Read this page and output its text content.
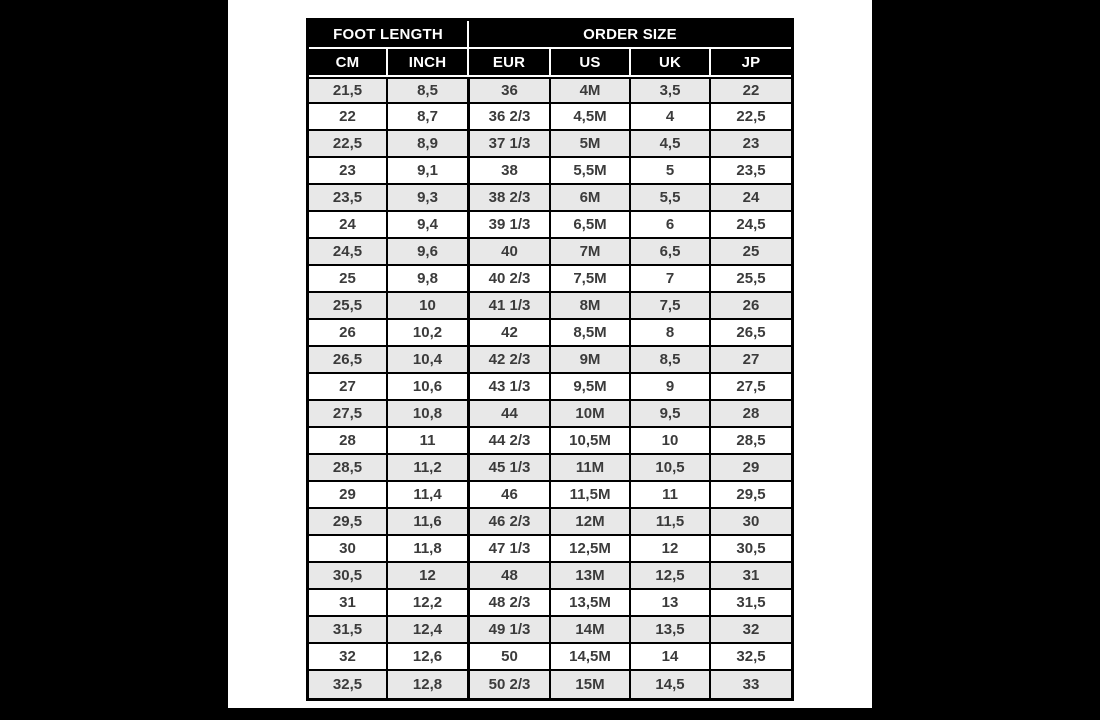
FOOT LENGTH		ORDER SIZE			
CM	INCH	EUR	US	UK	JP
21,5	8,5	36	4M	3,5	22
22	8,7	36 2/3	4,5M	4	22,5
22,5	8,9	37 1/3	5M	4,5	23
23	9,1	38	5,5M	5	23,5
23,5	9,3	38 2/3	6M	5,5	24
24	9,4	39 1/3	6,5M	6	24,5
24,5	9,6	40	7M	6,5	25
25	9,8	40 2/3	7,5M	7	25,5
25,5	10	41 1/3	8M	7,5	26
26	10,2	42	8,5M	8	26,5
26,5	10,4	42 2/3	9M	8,5	27
27	10,6	43 1/3	9,5M	9	27,5
27,5	10,8	44	10M	9,5	28
28	11	44 2/3	10,5M	10	28,5
28,5	11,2	45 1/3	11M	10,5	29
29	11,4	46	11,5M	11	29,5
29,5	11,6	46 2/3	12M	11,5	30
30	11,8	47 1/3	12,5M	12	30,5
30,5	12	48	13M	12,5	31
31	12,2	48 2/3	13,5M	13	31,5
31,5	12,4	49 1/3	14M	13,5	32
32	12,6	50	14,5M	14	32,5
32,5	12,8	50 2/3	15M	14,5	33
